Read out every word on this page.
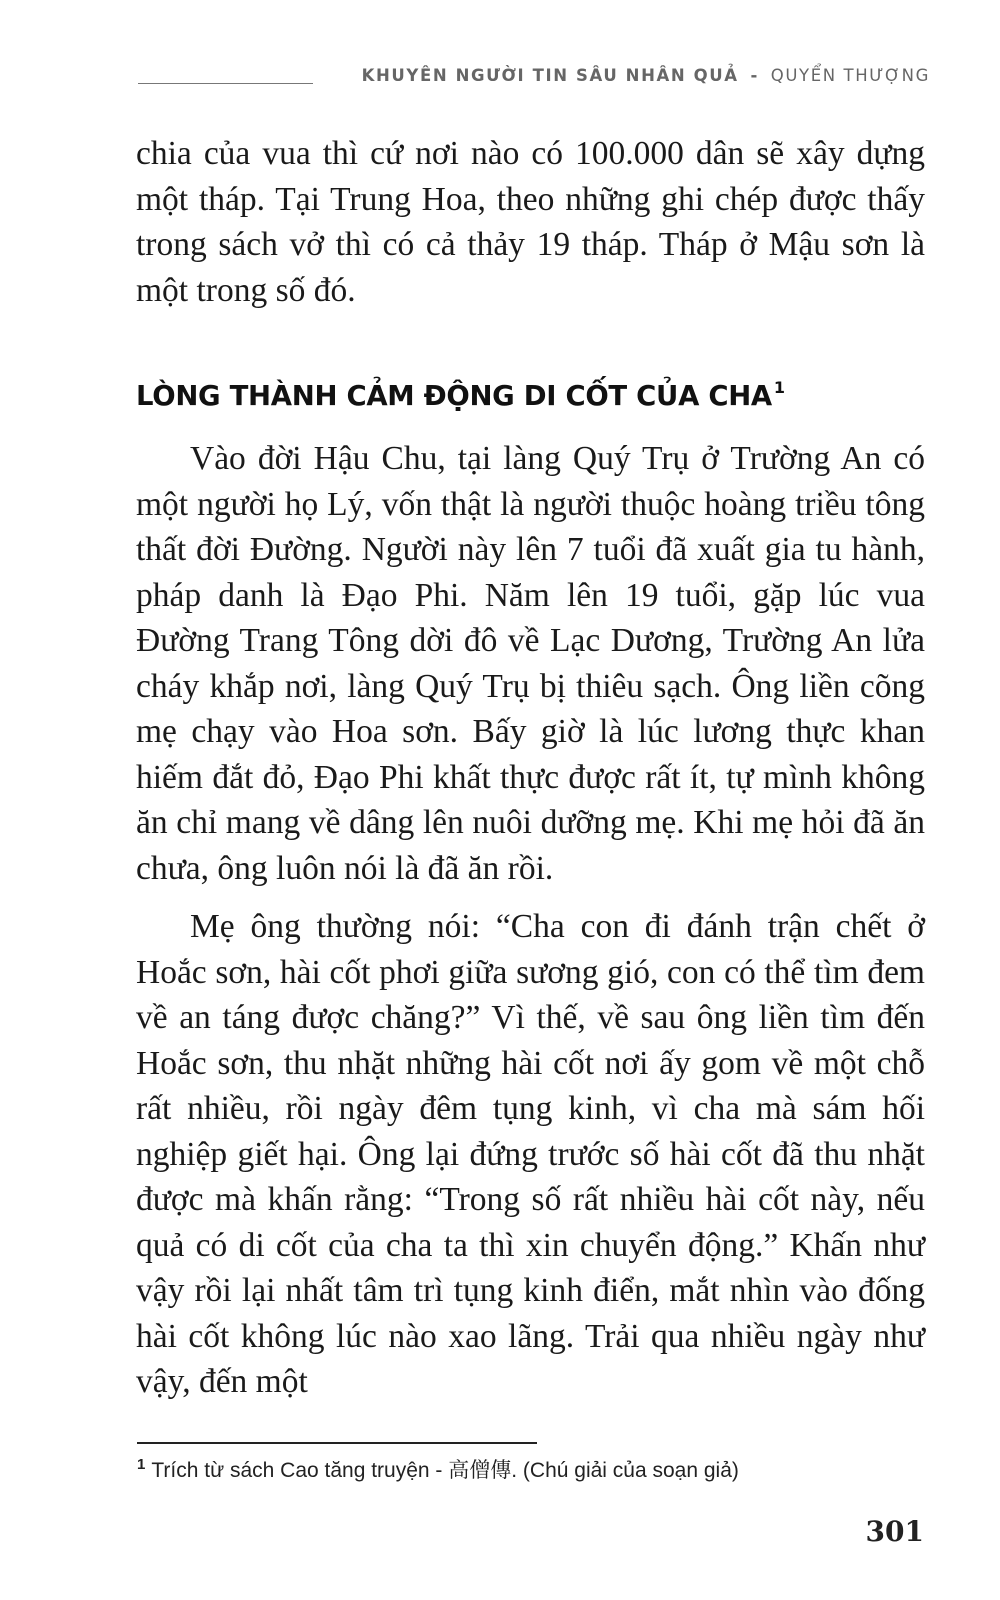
KHUYÊN NGƯỜI TIN SÂU NHÂN QUẢ - QUYỂN THƯỢNG

chia của vua thì cứ nơi nào có 100.000 dân sẽ xây dựng một tháp. Tại Trung Hoa, theo những ghi chép được thấy trong sách vở thì có cả thảy 19 tháp. Tháp ở Mậu sơn là một trong số đó.

LÒNG THÀNH CẢM ĐỘNG DI CỐT CỦA CHA $^1$

Vào đời Hậu Chu, tại làng Quý Trụ ở Trường An có một người họ Lý, vốn thật là người thuộc hoàng triều tông thất đời Đường. Người này lên 7 tuổi đã xuất gia tu hành, pháp danh là Đạo Phi. Năm lên 19 tuổi, gặp lúc vua Đường Trang Tông dời đô về Lạc Dương, Trường An lửa cháy khắp nơi, làng Quý Trụ bị thiêu sạch. Ông liền cõng mẹ chạy vào Hoa sơn. Bấy giờ là lúc lương thực khan hiếm đắt đỏ, Đạo Phi khất thực được rất ít, tự mình không ăn chỉ mang về dâng lên nuôi dưỡng mẹ. Khi mẹ hỏi đã ăn chưa, ông luôn nói là đã ăn rồi.

Mẹ ông thường nói: “Cha con đi đánh trận chết ở Hoắc sơn, hài cốt phơi giữa sương gió, con có thể tìm đem về an táng được chăng?” Vì thế, về sau ông liền tìm đến Hoắc sơn, thu nhặt những hài cốt nơi ấy gom về một chỗ rất nhiều, rồi ngày đêm tụng kinh, vì cha mà sám hối nghiệp giết hại. Ông lại đứng trước số hài cốt đã thu nhặt được mà khấn rằng: “Trong số rất nhiều hài cốt này, nếu quả có di cốt của cha ta thì xin chuyển động.” Khấn như vậy rồi lại nhất tâm trì tụng kinh điển, mắt nhìn vào đống hài cốt không lúc nào xao lãng. Trải qua nhiều ngày như vậy, đến một

$^1$ Trích từ sách Cao tăng truyện - 高僧傳. (Chú giải của soạn giả)
301
